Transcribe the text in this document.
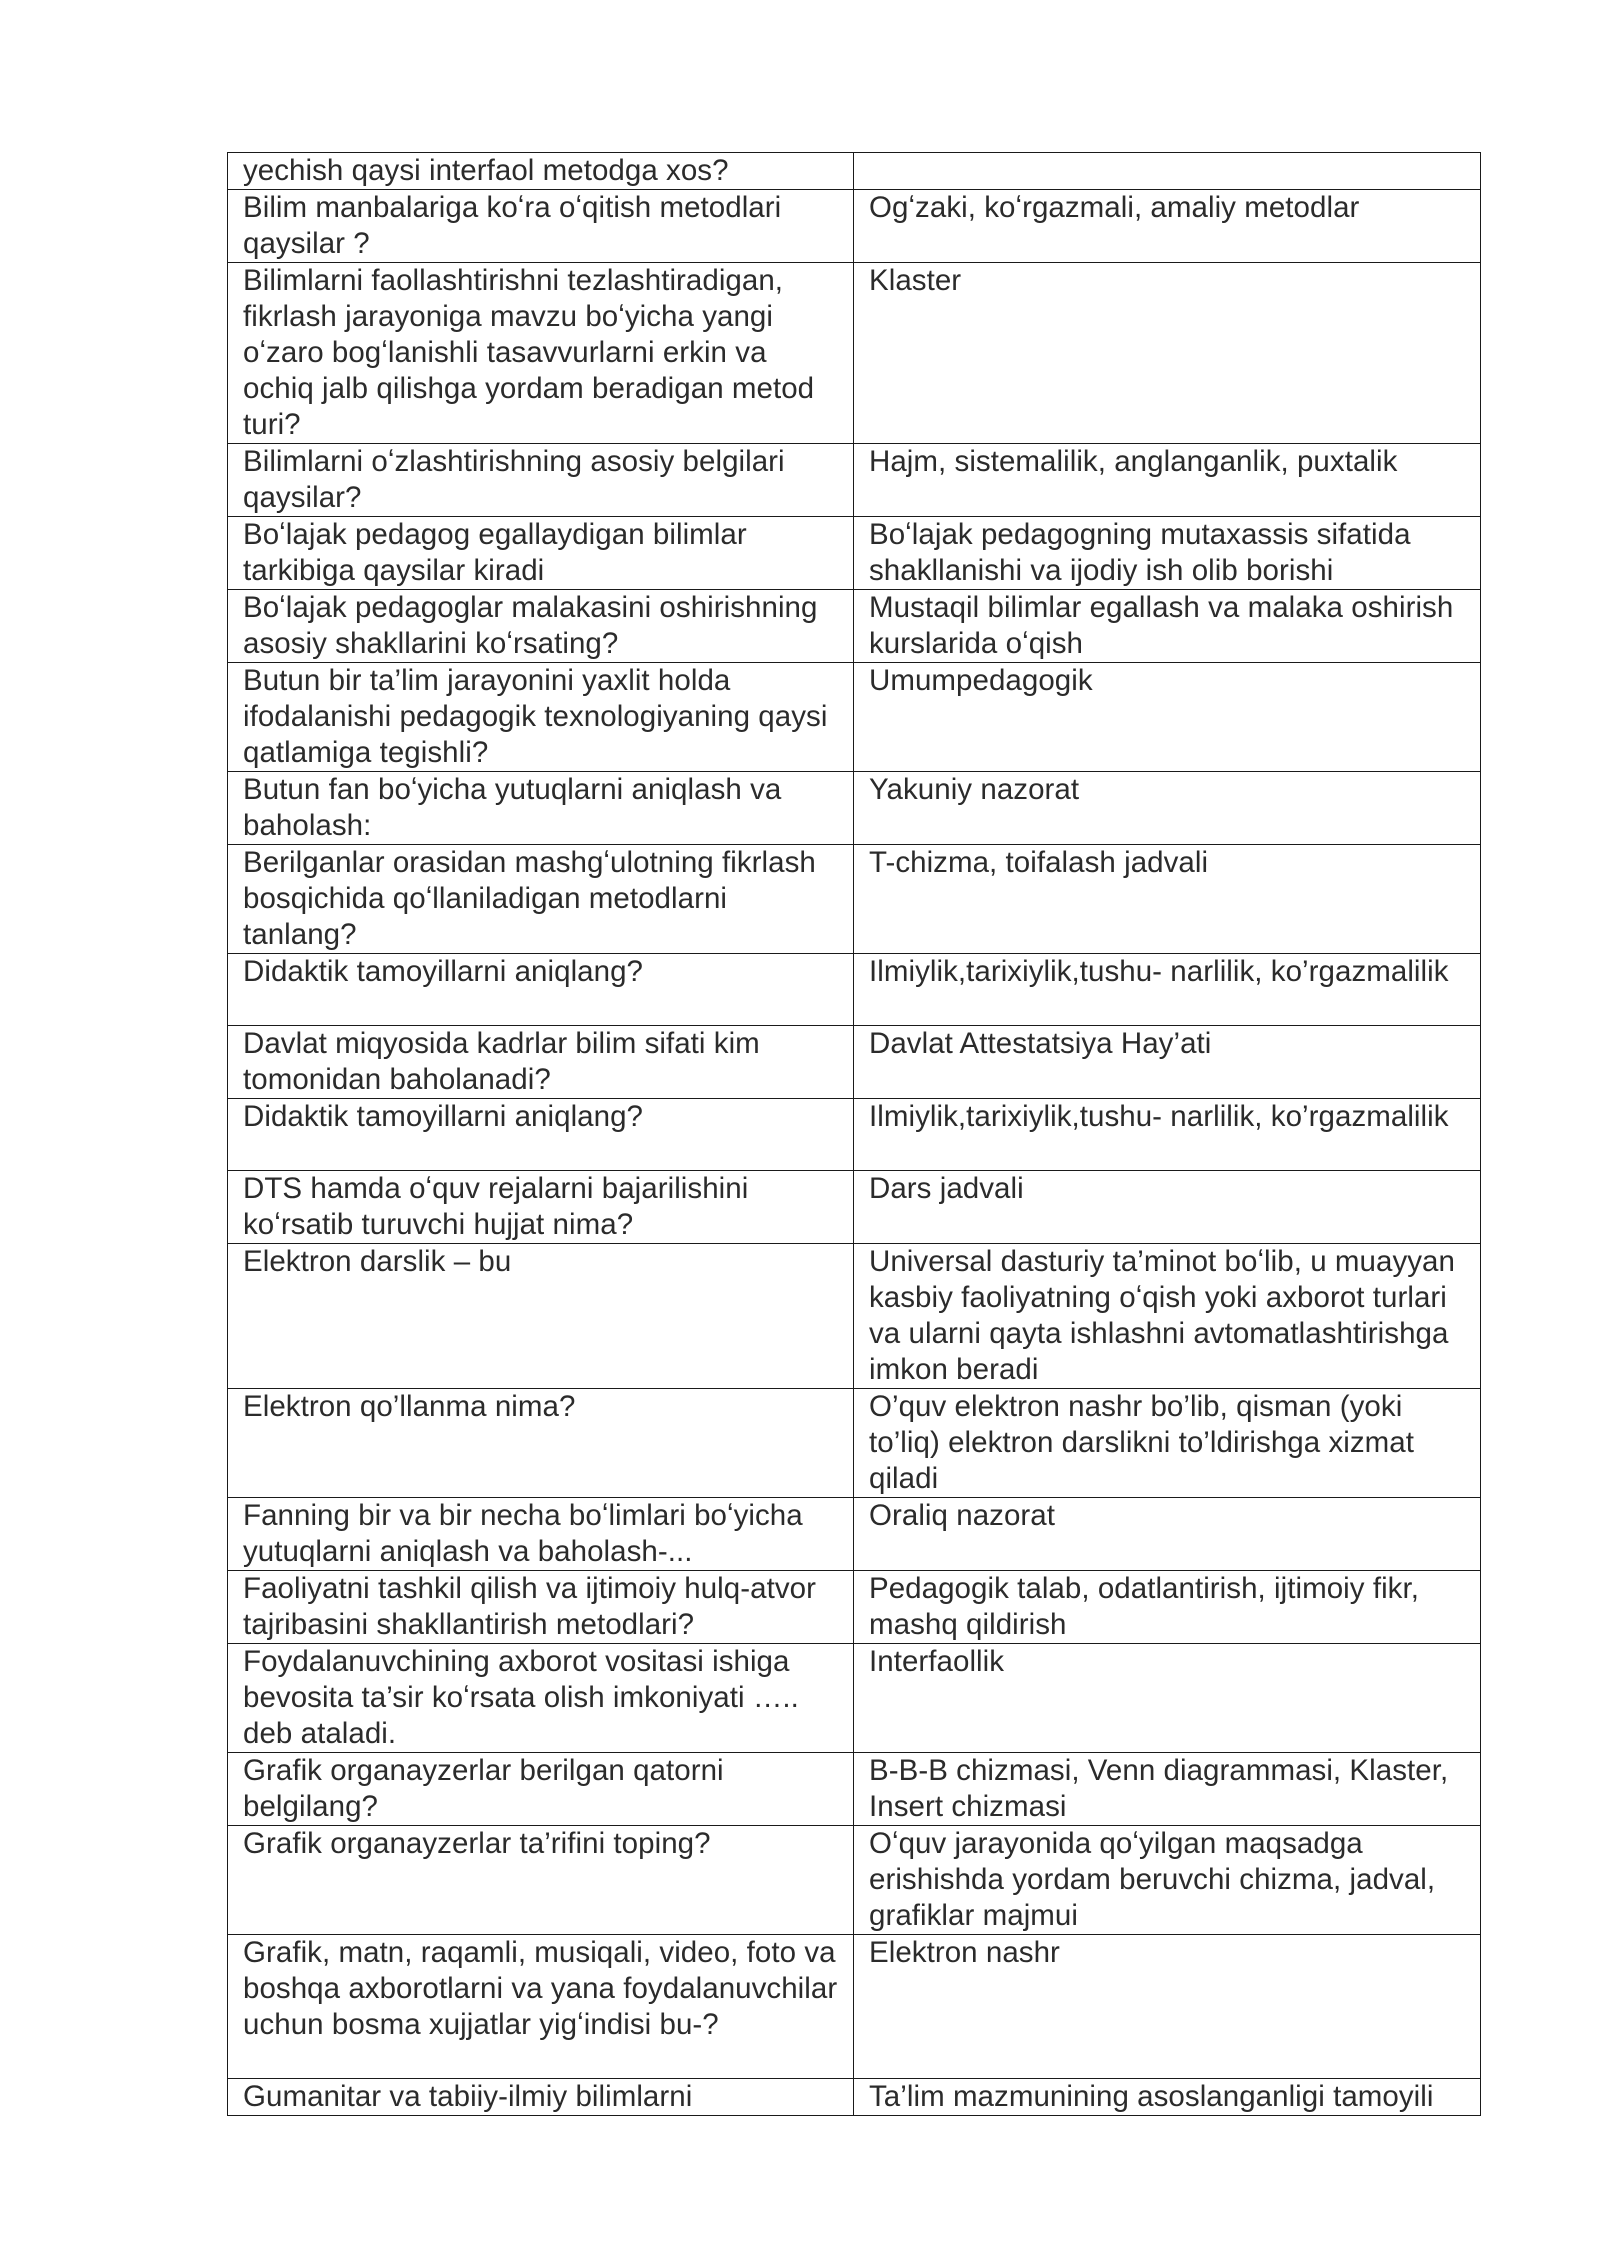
yechish qaysi interfaol metodga xos?	
Bilim manbalariga koʻra oʻqitish metodlari qaysilar ?	Ogʻzaki, koʻrgazmali, amaliy metodlar
Bilimlarni faollashtirishni tezlashtiradigan, fikrlash jarayoniga mavzu boʻyicha yangi oʻzaro bogʻlanishli tasavvurlarni erkin va ochiq jalb qilishga yordam beradigan metod turi?	Klaster
Bilimlarni oʻzlashtirishning asosiy belgilari qaysilar?	Hajm, sistemalilik, anglanganlik, puxtalik
Boʻlajak pedagog egallaydigan bilimlar tarkibiga qaysilar kiradi	Boʻlajak pedagogning mutaxassis sifatida shakllanishi va ijodiy ish olib borishi
Boʻlajak pedagoglar malakasini oshirishning asosiy shakllarini koʻrsating?	Mustaqil bilimlar egallash va malaka oshirish kurslarida oʻqish
Butun bir ta’lim jarayonini yaxlit holda ifodalanishi pedagogik texnologiyaning qaysi qatlamiga tegishli?	Umumpedagogik
Butun fan boʻyicha yutuqlarni aniqlash va baholash:	Yakuniy nazorat
Berilganlar orasidan mashgʻulotning fikrlash bosqichida qoʻllaniladigan metodlarni tanlang?	T-chizma, toifalash jadvali
Didaktik tamoyillarni aniqlang?	Ilmiylik,tarixiylik,tushu- narlilik, ko’rgazmalilik
Davlat miqyosida kadrlar bilim sifati kim tomonidan baholanadi?	Davlat Attestatsiya Hay’ati
Didaktik tamoyillarni aniqlang?	Ilmiylik,tarixiylik,tushu- narlilik, ko’rgazmalilik
DTS hamda oʻquv rejalarni bajarilishini koʻrsatib turuvchi hujjat nima?	Dars jadvali
Elektron darslik – bu	Universal dasturiy ta’minot boʻlib, u muayyan kasbiy faoliyatning oʻqish yoki axborot turlari va ularni qayta ishlashni avtomatlashtirishga imkon beradi
Elektron qo’llanma nima?	O’quv elektron nashr bo’lib, qisman (yoki to’liq) elektron darslikni to’ldirishga xizmat qiladi
Fanning bir va bir necha boʻlimlari boʻyicha yutuqlarni aniqlash va baholash-...	Oraliq nazorat
Faoliyatni tashkil qilish va ijtimoiy hulq-atvor tajribasini shakllantirish metodlari?	Pedagogik talab, odatlantirish, ijtimoiy fikr, mashq qildirish
Foydalanuvchining axborot vositasi ishiga bevosita ta’sir koʻrsata olish imkoniyati ….. deb ataladi.	Interfaollik
Grafik organayzerlar berilgan qatorni belgilang?	B-B-B chizmasi, Venn diagrammasi, Klaster, Insert chizmasi
Grafik organayzerlar ta’rifini toping?	Oʻquv jarayonida qoʻyilgan maqsadga erishishda yordam beruvchi chizma, jadval, grafiklar majmui
Grafik, matn, raqamli, musiqali, video, foto va boshqa axborotlarni va yana foydalanuvchilar uchun bosma xujjatlar yigʻindisi bu-?	Elektron nashr
Gumanitar va tabiiy-ilmiy bilimlarni	Ta’lim mazmunining asoslanganligi tamoyili
